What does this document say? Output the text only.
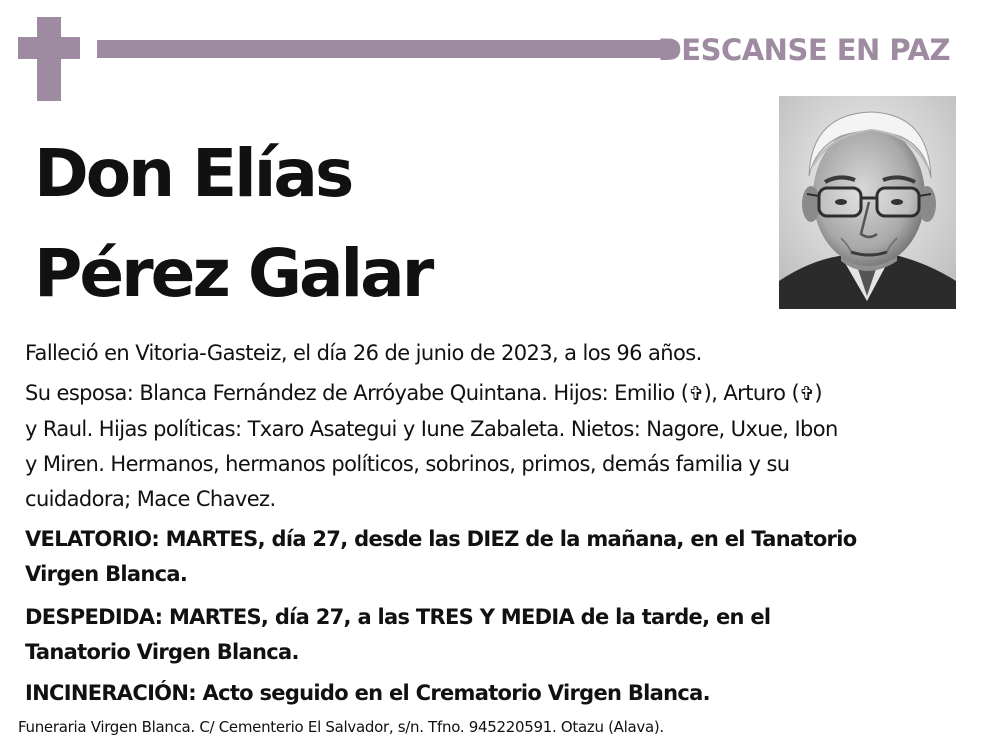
DESCANSE EN PAZ
Don Elías
Pérez Galar
Falleció en Vitoria-Gasteiz, el día 26 de junio de 2023, a los 96 años.
Su esposa: Blanca Fernández de Arróyabe Quintana. Hijos: Emilio (✞), Arturo (✞)
y Raul. Hijas políticas: Txaro Asategui y Iune Zabaleta. Nietos: Nagore, Uxue, Ibon
y Miren. Hermanos, hermanos políticos, sobrinos, primos, demás familia y su
cuidadora; Mace Chavez.
VELATORIO: MARTES, día 27, desde las DIEZ de la mañana, en el Tanatorio
Virgen Blanca.
DESPEDIDA: MARTES, día 27, a las TRES Y MEDIA de la tarde, en el
Tanatorio Virgen Blanca.
INCINERACIÓN: Acto seguido en el Crematorio Virgen Blanca.
Funeraria Virgen Blanca. C/ Cementerio El Salvador, s/n. Tfno. 945220591. Otazu (Alava).
